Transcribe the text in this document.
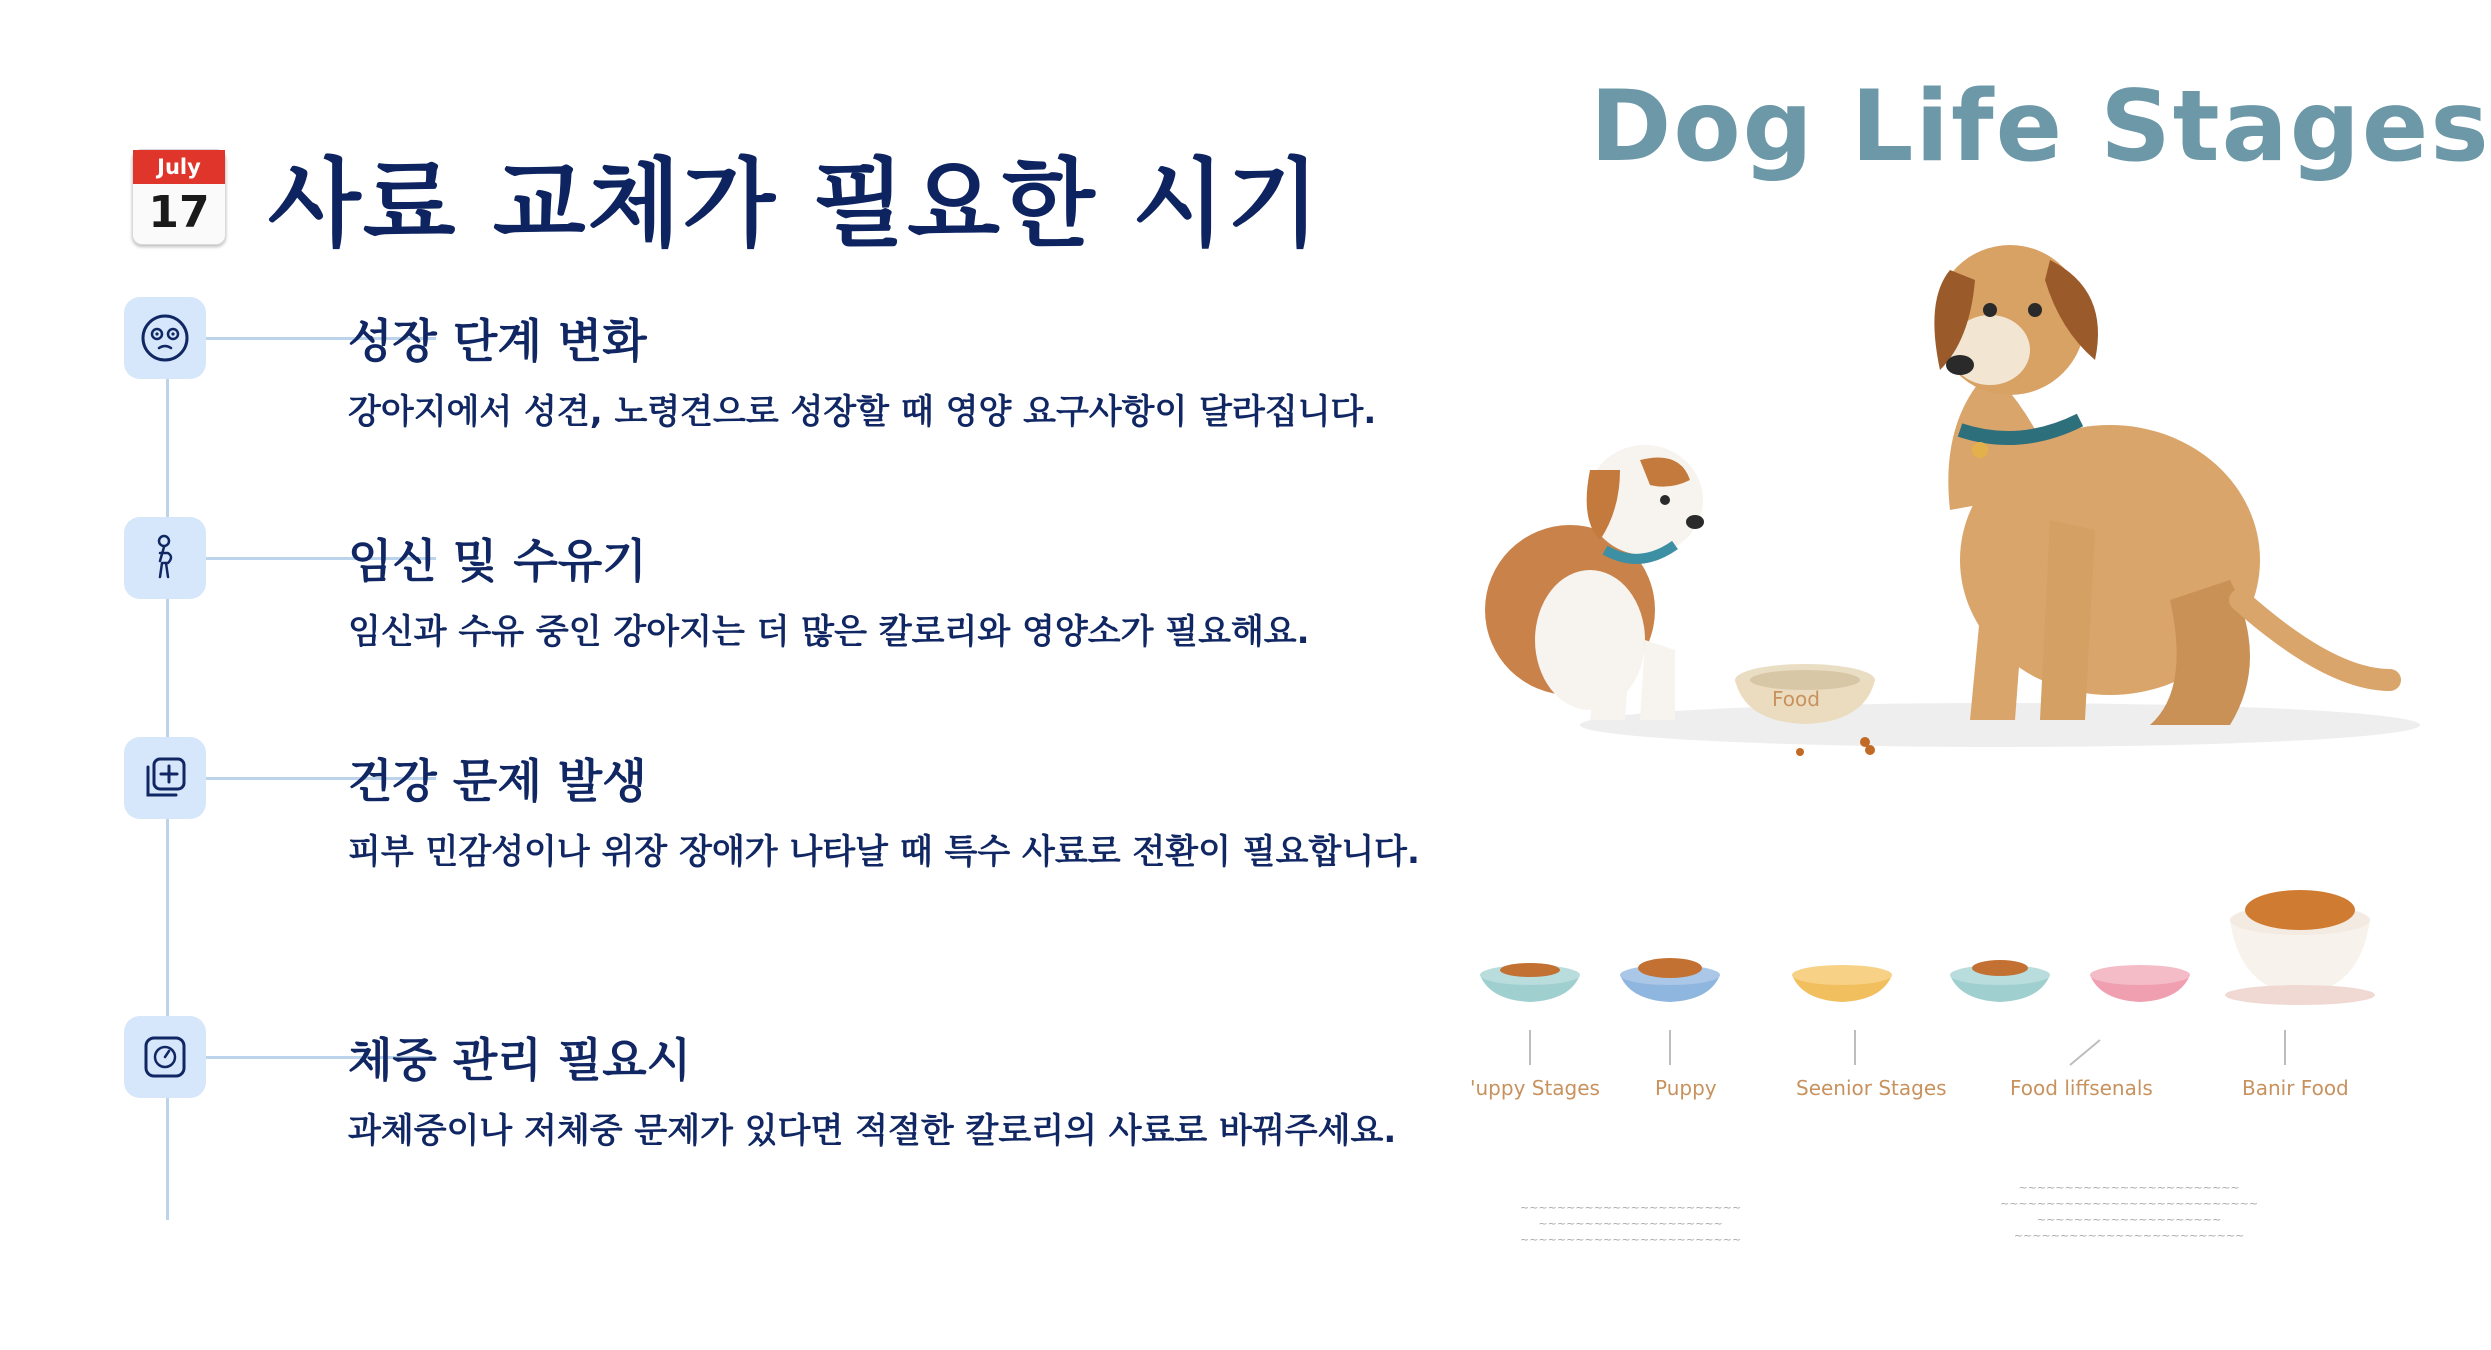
July
17 사료 교체가 필요한 시기
성장 단계 변화
강아지에서 성견, 노령견으로 성장할 때 영양 요구사항이 달라집니다.
임신 및 수유기
임신과 수유 중인 강아지는 더 많은 칼로리와 영양소가 필요해요.
건강 문제 발생
피부 민감성이나 위장 장애가 나타날 때 특수 사료로 전환이 필요합니다.
체중 관리 필요시
과체중이나 저체중 문제가 있다면 적절한 칼로리의 사료로 바꿔주세요.
Dog Life Stages
Food
'uppy Stages	Puppy	Seenior Stages	Food liffsenals	Banir Food
~~~~~~~~~~~~~~~~~~~~~~~~
~~~~~~~~~~~~~~~~~~~~
~~~~~~~~~~~~~~~~~~~~~~~~
~~~~~~~~~~~~~~~~~~~~~~~~
~~~~~~~~~~~~~~~~~~~~~~~~~~~~
~~~~~~~~~~~~~~~~~~~~
~~~~~~~~~~~~~~~~~~~~~~~~~
